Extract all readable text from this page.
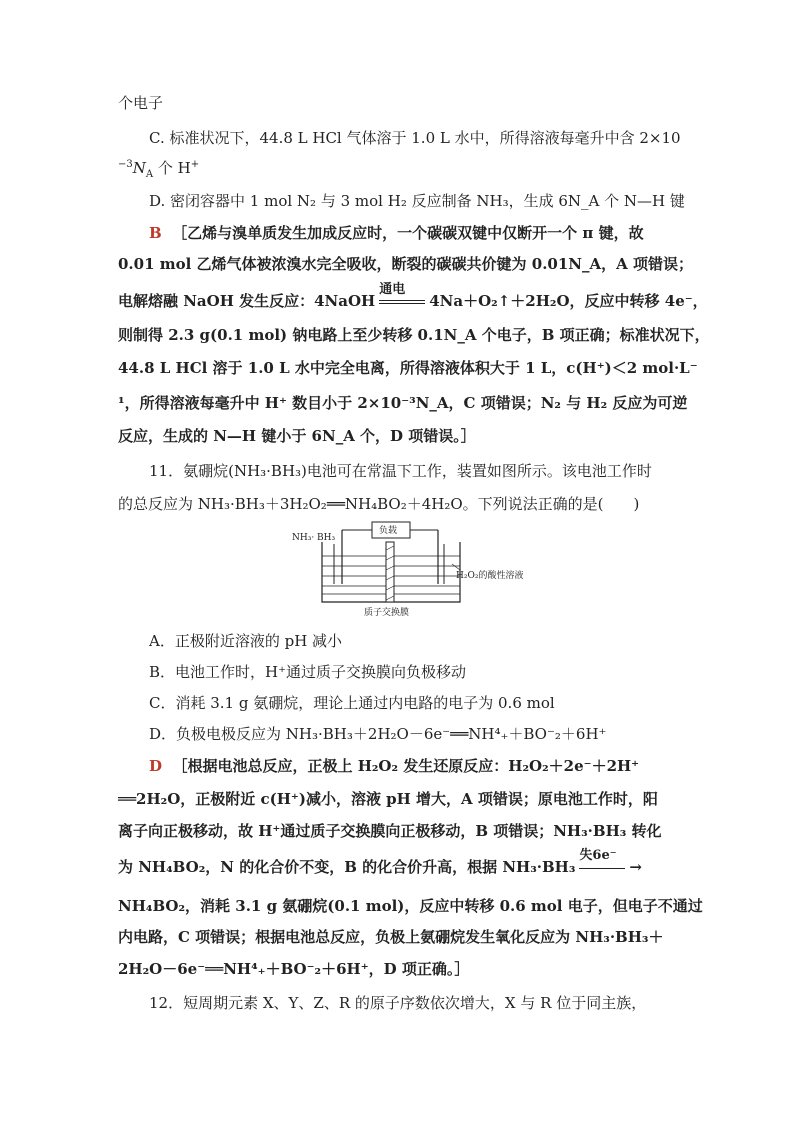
个电子
C. 标准状况下，44.8 L HCl 气体溶于 1.0 L 水中，所得溶液每毫升中含 2×10
$^{-3}N_A$ 个 H+
D. 密闭容器中 1 mol N₂ 与 3 mol H₂ 反应制备 NH₃，生成 6N_A 个 N—H 键
B ［乙烯与溴单质发生加成反应时，一个碳碳双键中仅断开一个 π 键，故
0.01 mol 乙烯气体被浓溴水完全吸收，断裂的碳碳共价键为 0.01N_A，A 项错误；
电解熔融 NaOH 发生反应：4NaOH
通电
4Na＋O₂↑＋2H₂O，反应中转移 4e⁻，
则制得 2.3 g(0.1 mol) 钠电路上至少转移 0.1N_A 个电子，B 项正确；标准状况下，
44.8 L HCl 溶于 1.0 L 水中完全电离，所得溶液体积大于 1 L，c(H⁺)＜2 mol·L⁻
¹，所得溶液每毫升中 H⁺ 数目小于 2×10⁻³N_A，C 项错误；N₂ 与 H₂ 反应为可逆
反应，生成的 N—H 键小于 6N_A 个，D 项错误。］
11．氨硼烷(NH₃·BH₃)电池可在常温下工作，装置如图所示。该电池工作时
的总反应为 NH₃·BH₃＋3H₂O₂══NH₄BO₂＋4H₂O。下列说法正确的是(　　)
NH₃· BH₃
负载
H₂O₂的酸性溶液
质子交换膜
A．正极附近溶液的 pH 减小
B．电池工作时，H⁺通过质子交换膜向负极移动
C．消耗 3.1 g 氨硼烷，理论上通过内电路的电子为 0.6 mol
D．负极电极反应为 NH₃·BH₃＋2H₂O－6e⁻══NH⁴₊＋BO⁻₂＋6H⁺
D ［根据电池总反应，正极上 H₂O₂ 发生还原反应：H₂O₂＋2e⁻＋2H⁺
══2H₂O，正极附近 c(H⁺)减小，溶液 pH 增大，A 项错误；原电池工作时，阳
离子向正极移动，故 H⁺通过质子交换膜向正极移动，B 项错误；NH₃·BH₃ 转化
为 NH₄BO₂，N 的化合价不变，B 的化合价升高，根据 NH₃·BH₃
失6e⁻
→
NH₄BO₂，消耗 3.1 g 氨硼烷(0.1 mol)，反应中转移 0.6 mol 电子，但电子不通过
内电路，C 项错误；根据电池总反应，负极上氨硼烷发生氧化反应为 NH₃·BH₃＋
2H₂O－6e⁻══NH⁴₊＋BO⁻₂＋6H⁺，D 项正确。］
12．短周期元素 X、Y、Z、R 的原子序数依次增大，X 与 R 位于同主族，
